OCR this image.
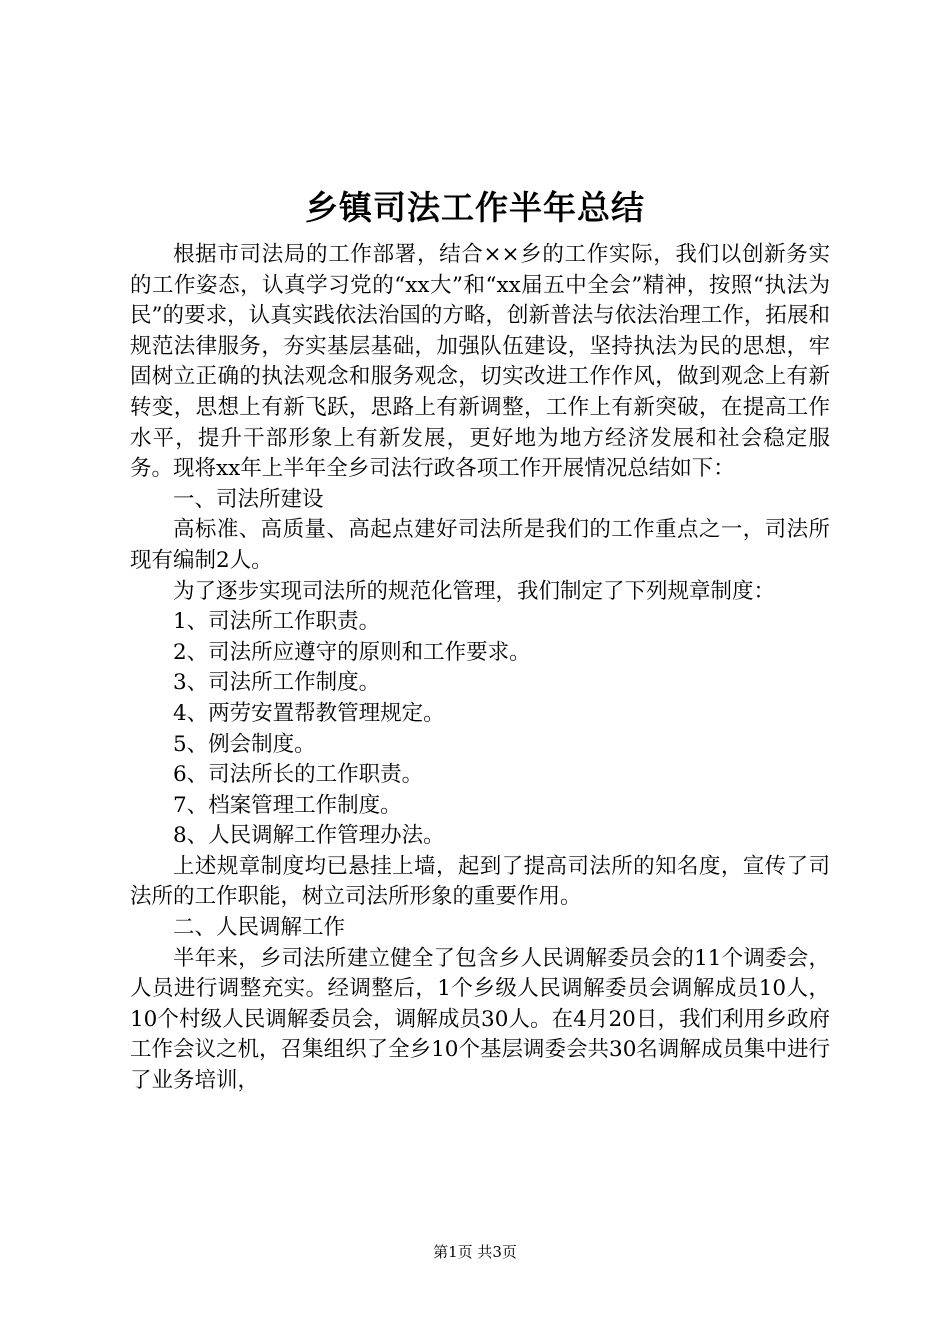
乡镇司法工作半年总结

根据市司法局的工作部署，结合××乡的工作实际，我们以创新务实的工作姿态，认真学习党的“xx大”和“xx届五中全会”精神，按照“执法为民”的要求，认真实践依法治国的方略，创新普法与依法治理工作，拓展和规范法律服务，夯实基层基础，加强队伍建设，坚持执法为民的思想，牢固树立正确的执法观念和服务观念，切实改进工作作风，做到观念上有新转变，思想上有新飞跃，思路上有新调整，工作上有新突破，在提高工作水平，提升干部形象上有新发展，更好地为地方经济发展和社会稳定服务。现将xx年上半年全乡司法行政各项工作开展情况总结如下：

一、司法所建设

高标准、高质量、高起点建好司法所是我们的工作重点之一，司法所现有编制2人。

为了逐步实现司法所的规范化管理，我们制定了下列规章制度：

1、司法所工作职责。

2、司法所应遵守的原则和工作要求。

3、司法所工作制度。

4、两劳安置帮教管理规定。

5、例会制度。

6、司法所长的工作职责。

7、档案管理工作制度。

8、人民调解工作管理办法。

上述规章制度均已悬挂上墙，起到了提高司法所的知名度，宣传了司法所的工作职能，树立司法所形象的重要作用。

二、人民调解工作

半年来，乡司法所建立健全了包含乡人民调解委员会的11个调委会，人员进行调整充实。经调整后，1个乡级人民调解委员会调解成员10人，10个村级人民调解委员会，调解成员30人。在4月20日，我们利用乡政府工作会议之机，召集组织了全乡10个基层调委会共30名调解成员集中进行了业务培训，

第1页 共3页
